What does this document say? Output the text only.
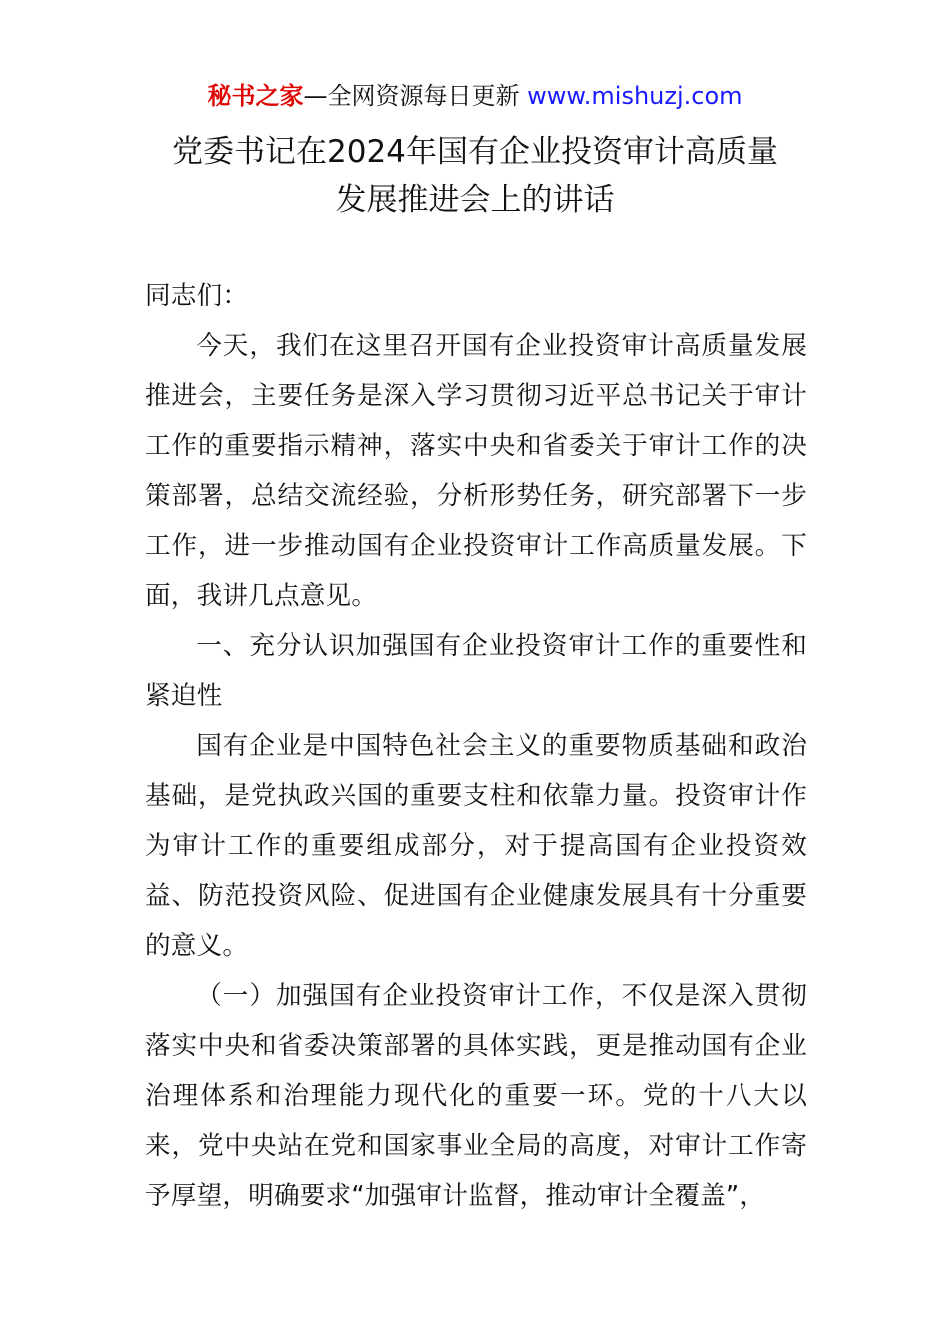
秘书之家—全网资源每日更新 www.mishuzj.com
党委书记在2024年国有企业投资审计高质量
发展推进会上的讲话

同志们：

今天，我们在这里召开国有企业投资审计高质量发展推进会，主要任务是深入学习贯彻习近平总书记关于审计工作的重要指示精神，落实中央和省委关于审计工作的决策部署，总结交流经验，分析形势任务，研究部署下一步工作，进一步推动国有企业投资审计工作高质量发展。下面，我讲几点意见。

一、充分认识加强国有企业投资审计工作的重要性和紧迫性

国有企业是中国特色社会主义的重要物质基础和政治基础，是党执政兴国的重要支柱和依靠力量。投资审计作为审计工作的重要组成部分，对于提高国有企业投资效益、防范投资风险、促进国有企业健康发展具有十分重要的意义。

（一）加强国有企业投资审计工作，不仅是深入贯彻落实中央和省委决策部署的具体实践，更是推动国有企业治理体系和治理能力现代化的重要一环。党的十八大以来，党中央站在党和国家事业全局的高度，对审计工作寄予厚望，明确要求“加强审计监督，推动审计全覆盖”，
